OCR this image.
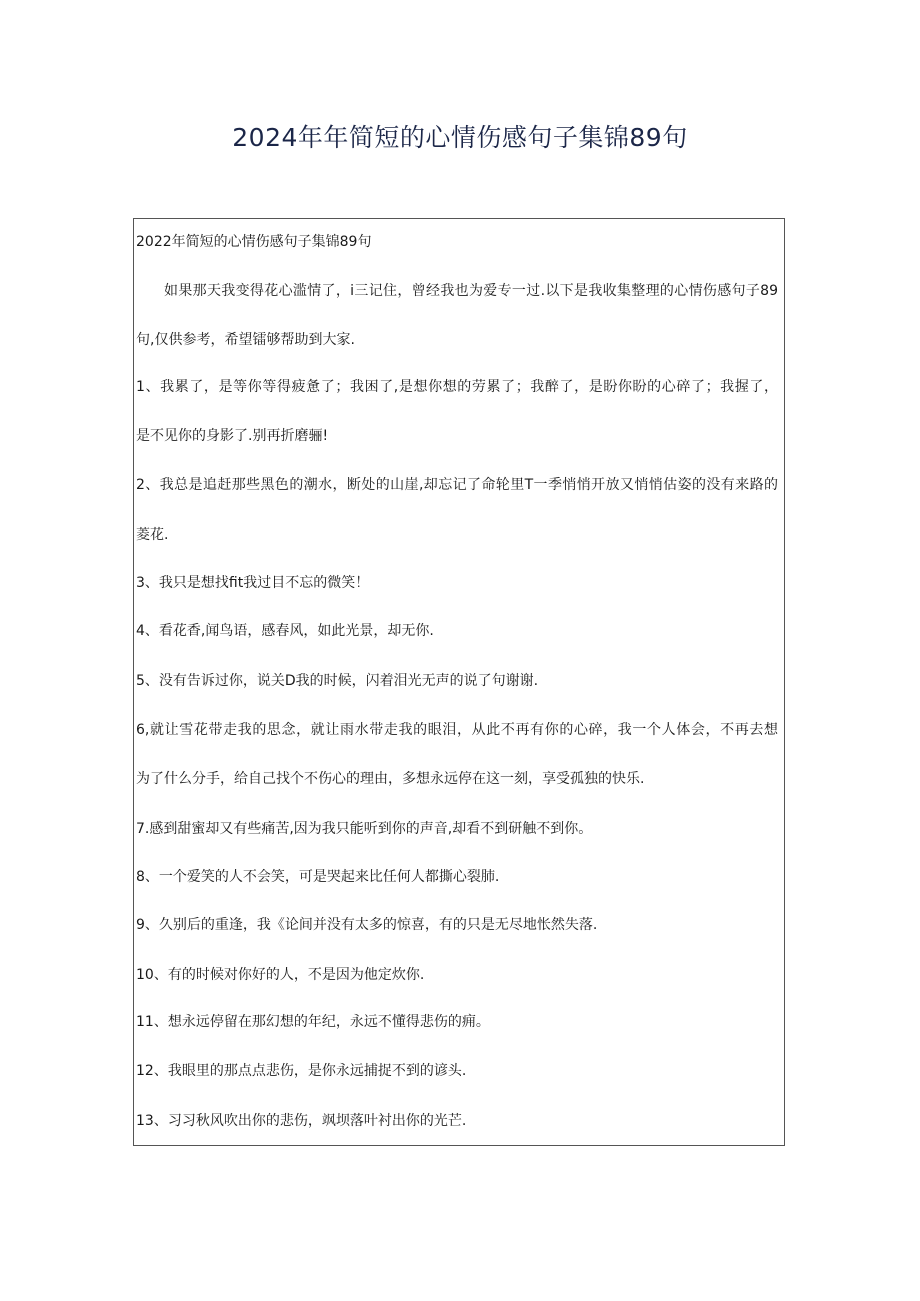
2024年年简短的心情伤感句子集锦89句
2022年简短的心情伤感句子集锦89句
如果那天我变得花心滥情了，i三记住，曾经我也为爱专一过.以下是我收集整理的心情伤感句子89
句,仅供参考，希望镭够帮助到大家.
1、我累了，是等你等得疲惫了；我困了,是想你想的劳累了；我醉了，是盼你盼的心碎了；我握了，
是不见你的身影了.别再折磨骊!
2、我总是追赶那些黑色的潮水，断处的山崖,却忘记了命轮里T一季悄悄开放又悄悄估姿的没有来路的
菱花.
3、我只是想找fit我过目不忘的微笑！
4、看花香,闻鸟语，感春风，如此光景，却无你.
5、没有告诉过你，说关D我的时候，闪着泪光无声的说了句谢谢.
6,就让雪花带走我的思念，就让雨水带走我的眼泪，从此不再有你的心碎，我一个人体会，不再去想
为了什么分手，给自己找个不伤心的理由，多想永远停在这一刻，享受孤独的快乐.
7.感到甜蜜却又有些痛苦,因为我只能听到你的声音,却看不到研触不到你。
8、一个爱笑的人不会笑，可是哭起来比任何人都撕心裂肺.
9、久别后的重逢，我《论间并没有太多的惊喜，有的只是无尽地怅然失落.
10、有的时候对你好的人，不是因为他定炊你.
11、想永远停留在那幻想的年纪，永远不懂得悲伤的痈。
12、我眼里的那点点悲伤，是你永远捕捉不到的谚头.
13、习习秋风吹出你的悲伤，飒坝落叶衬出你的光芒.
